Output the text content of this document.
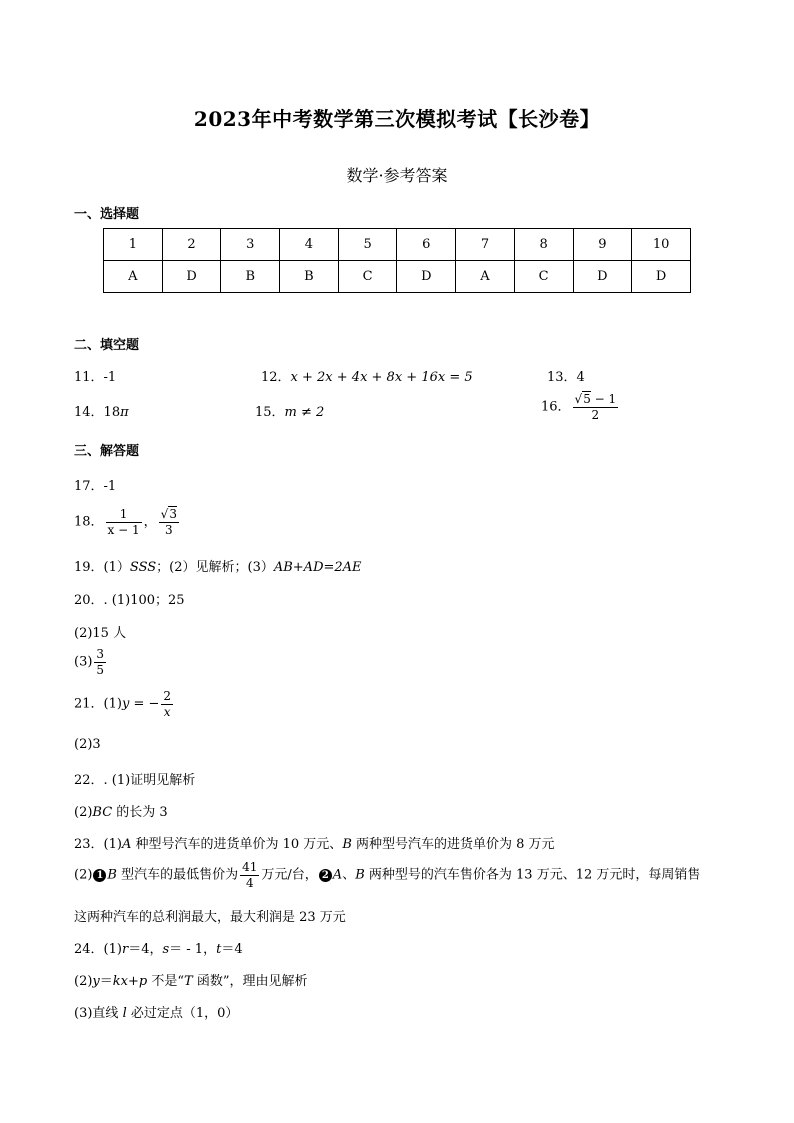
2023年中考数学第三次模拟考试【长沙卷】
数学·参考答案
一、选择题
1	2	3	4	5	6	7	8	9	10
A	D	B	B	C	D	A	C	D	D
二、填空题
11．-1	12．x + 2x + 4x + 8x + 16x = 5	13．4
14．18π	15．m ≠ 2	16． $\frac{√5 - 1}{2}$
三、解答题
17．-1
18． $\frac{1}{x - 1}$ ， $\frac{√3}{3}$
19．(1）SSS；(2）见解析；(3）AB+AD=2AE
20．. (1)100；25
(2)15 人
$(3) \frac{3}{5}$
21．(1)y = − $\frac{2}{x}$
(2)3
22．. (1)证明见解析
(2)BC 的长为 3
23．(1)A 种型号汽车的进货单价为 10 万元、B 两种型号汽车的进货单价为 8 万元
(2) 1 B 型汽车的最低售价为 $\frac{41}{4}$ 万元/台， 2 A、B 两种型号的汽车售价各为 13 万元、12 万元时，每周销售
这两种汽车的总利润最大，最大利润是 23 万元
24．(1)r＝4，s＝ - 1，t＝4
(2)y＝kx+p 不是“T 函数”，理由见解析
(3)直线 l 必过定点（1，0）
